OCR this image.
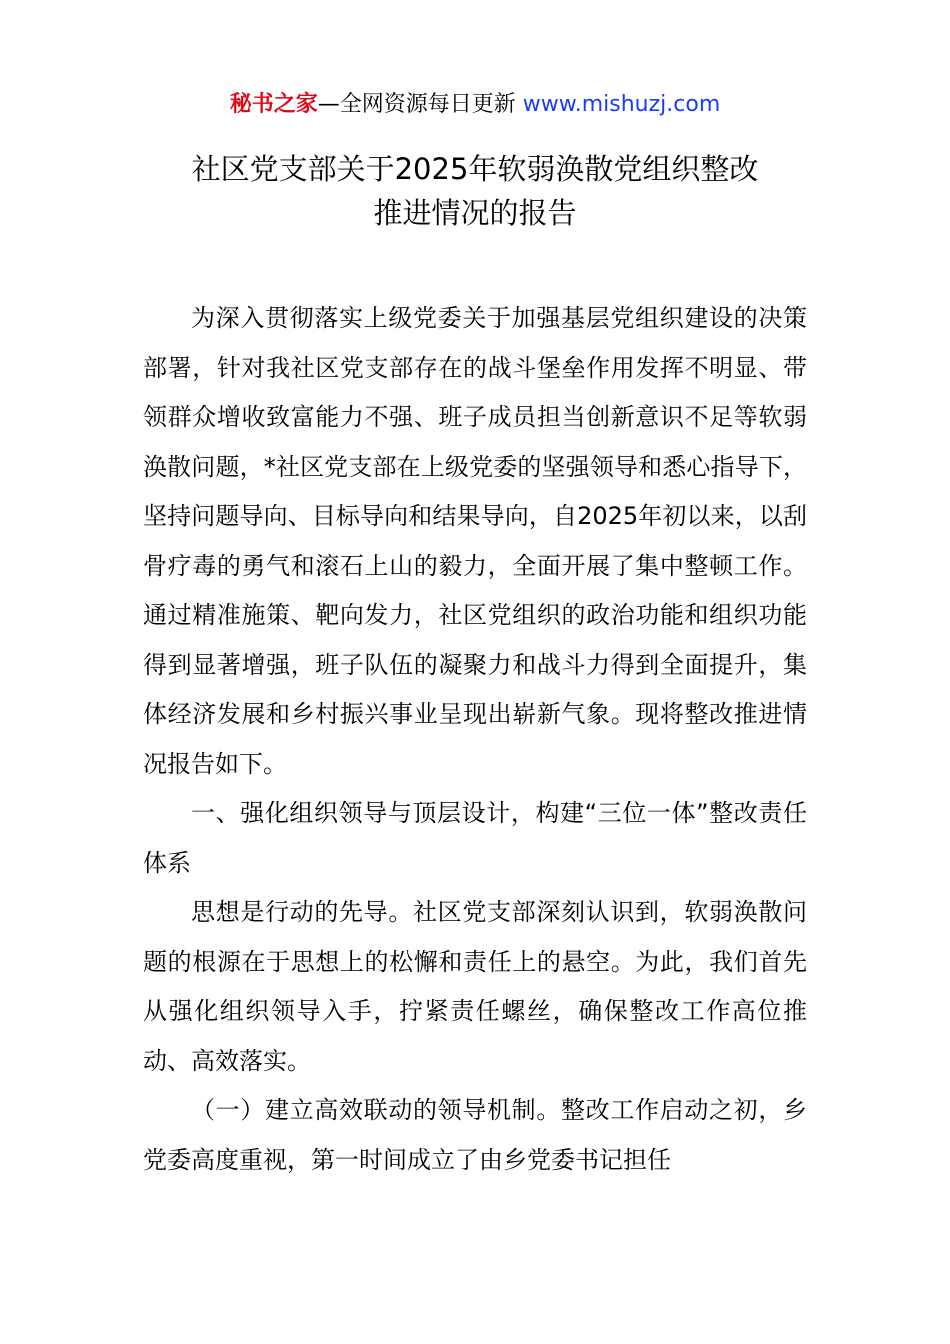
秘书之家—全网资源每日更新 www.mishuzj.com
社区党支部关于2025年软弱涣散党组织整改
推进情况的报告

为深入贯彻落实上级党委关于加强基层党组织建设的决策部署，针对我社区党支部存在的战斗堡垒作用发挥不明显、带领群众增收致富能力不强、班子成员担当创新意识不足等软弱涣散问题，*社区党支部在上级党委的坚强领导和悉心指导下，坚持问题导向、目标导向和结果导向，自2025年初以来，以刮骨疗毒的勇气和滚石上山的毅力，全面开展了集中整顿工作。通过精准施策、靶向发力，社区党组织的政治功能和组织功能得到显著增强，班子队伍的凝聚力和战斗力得到全面提升，集体经济发展和乡村振兴事业呈现出崭新气象。现将整改推进情况报告如下。

一、强化组织领导与顶层设计，构建“三位一体”整改责任体系

思想是行动的先导。社区党支部深刻认识到，软弱涣散问题的根源在于思想上的松懈和责任上的悬空。为此，我们首先从强化组织领导入手，拧紧责任螺丝，确保整改工作高位推动、高效落实。

（一）建立高效联动的领导机制。整改工作启动之初，乡党委高度重视，第一时间成立了由乡党委书记担任
